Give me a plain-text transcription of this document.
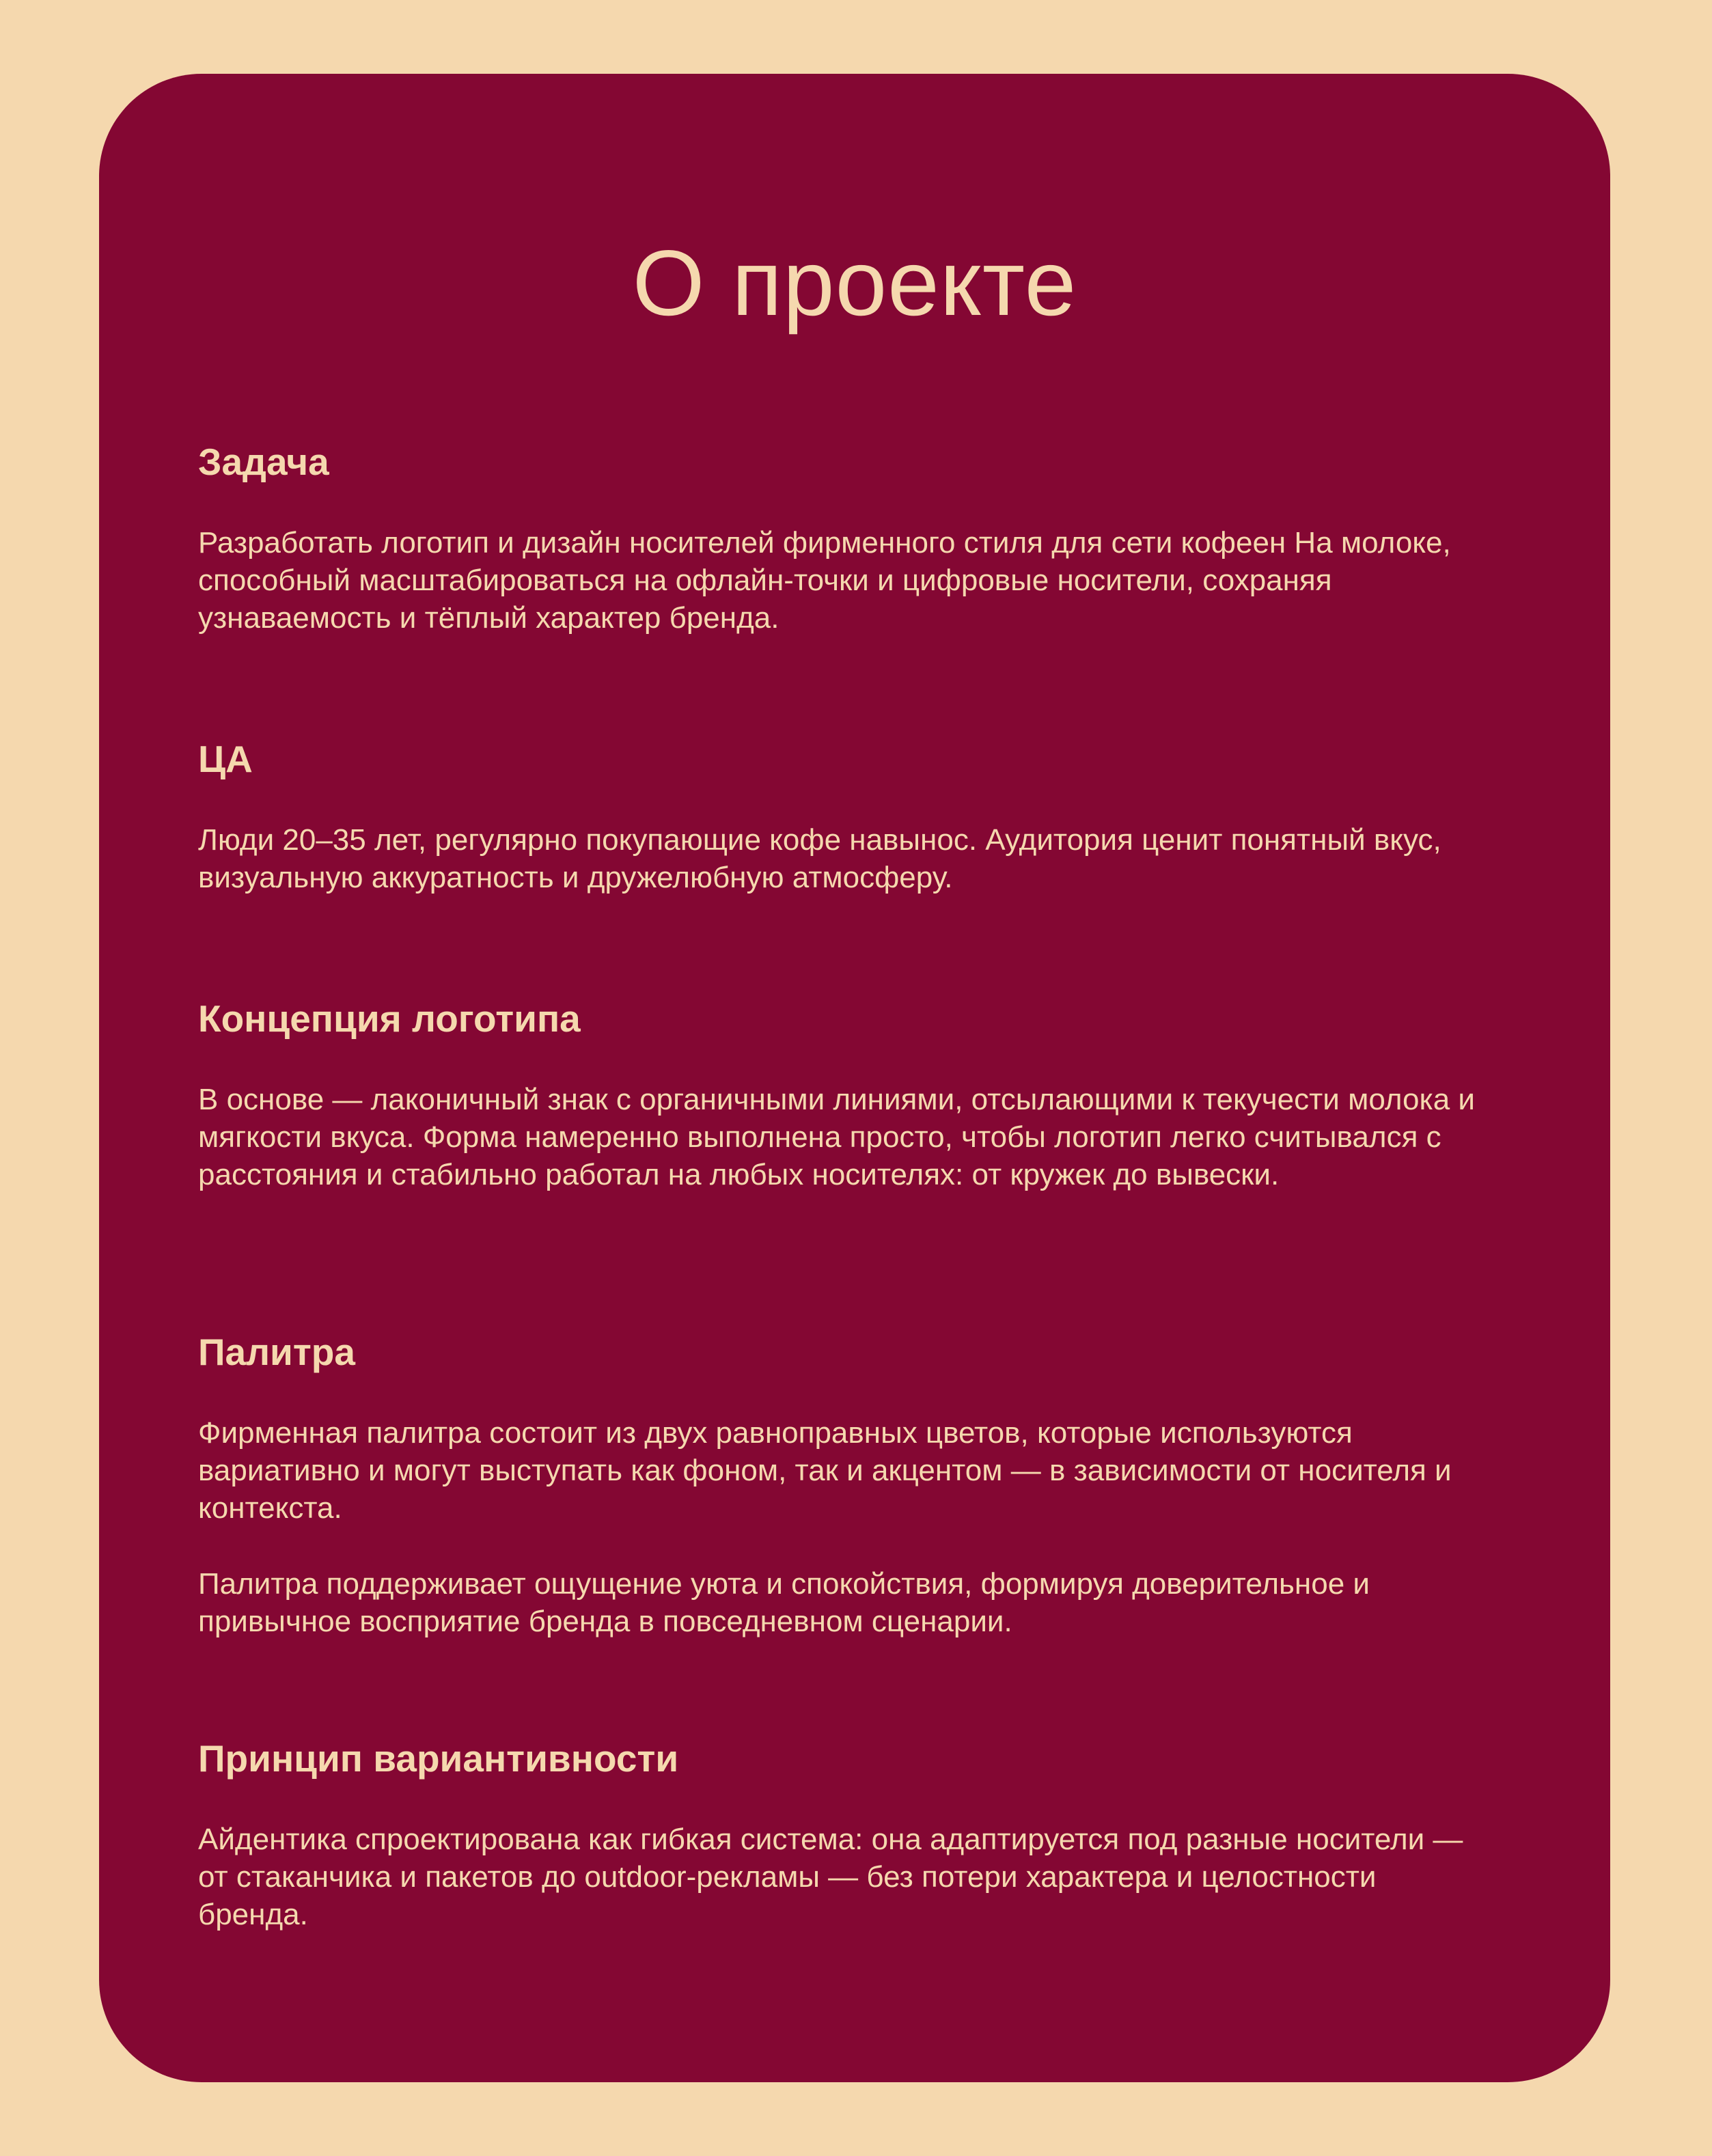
О проекте
Задача

Разработать логотип и дизайн носителей фирменного стиля для сети кофеен На молоке, способный масштабироваться на офлайн-точки и цифровые носители, сохраняя узнаваемость и тёплый характер бренда.

ЦА

Люди 20–35 лет, регулярно покупающие кофе навынос. Аудитория ценит понятный вкус, визуальную аккуратность и дружелюбную атмосферу.

Концепция логотипа

В основе — лаконичный знак с органичными линиями, отсылающими к текучести молока и мягкости вкуса. Форма намеренно выполнена просто, чтобы логотип легко считывался с расстояния и стабильно работал на любых носителях: от кружек до вывески.

Палитра

Фирменная палитра состоит из двух равноправных цветов, которые используются вариативно и могут выступать как фоном, так и акцентом — в зависимости от носителя и контекста.

Палитра поддерживает ощущение уюта и спокойствия, формируя доверительное и привычное восприятие бренда в повседневном сценарии.

Принцип вариантивности

Айдентика спроектирована как гибкая система: она адаптируется под разные носители — от стаканчика и пакетов до outdoor-рекламы — без потери характера и целостности бренда.
